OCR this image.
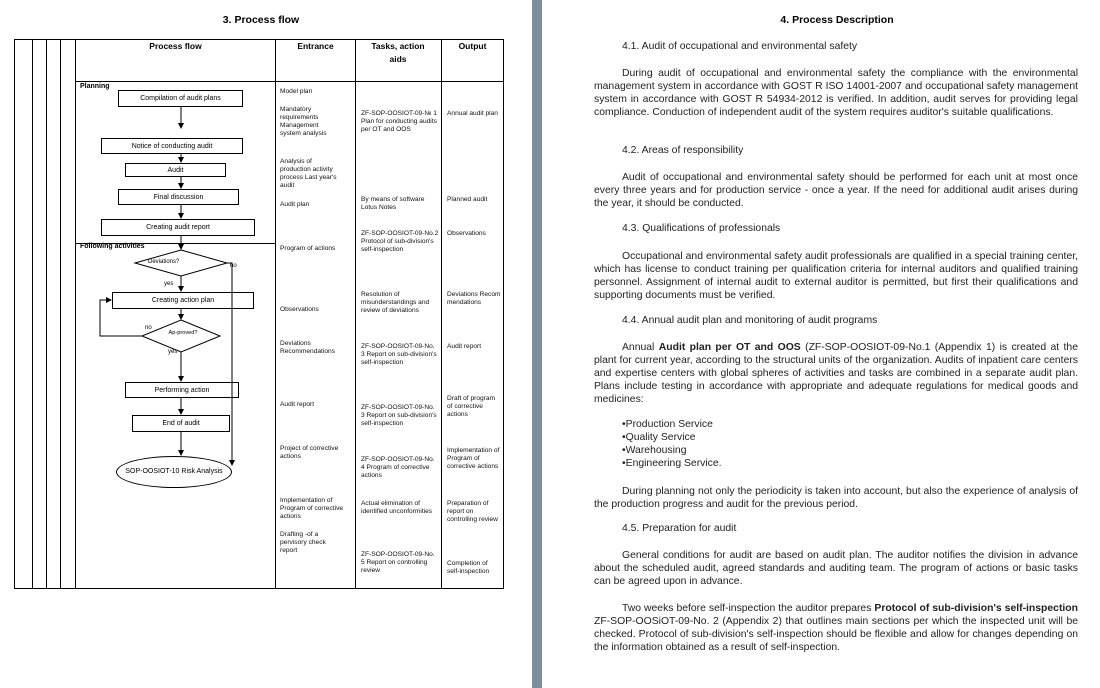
3. Process flow
Process flow	Entrance	Tasks, action aids
Output
Planning
Following activities
Compilation of audit plans
Notice of conducting audit
Audit
Final discussion
Creating audit report
Creating action plan
Performing action
End of audit
SOP-OOSIOT-10 Risk Analysis
Deviations?
Ap-proved?
no
yes
no
yes
Model plan
Mandatory requirements Management system analysis
Analysis of production activity process Last year's audit
Audit plan
Program of actions
Observations
Deviations Recommendations
Audit report
Project of corrective actions
Implementation of Program of corrective actions
Drafting -of a pervisory check report
ZF-SOP-OOSIOT-09-№ 1 Plan for conducting audits per OT and OOS
By means of software Lotus Notes
ZF-SOP-OOSIOT-09-No.2 Protocol of sub-division's self-inspection
Resolution of misunderstandings and review of deviations
ZF-SOP-OOSIOT-09-No. 3 Report on sub-division's self-inspection
ZF-SOP-OOSIOT-09-No. 3 Report on sub-division's self-inspection
ZF-SOP-OOSIOT-09-No. 4 Program of corrective actions
Actual elimination of identified unconformities
ZF-SOP-OOSIOT-09-No. 5 Report on controlling review
Annual audit plan
Planned audit
Observations
Deviations Recommendations
Audit report
Draft of program of corrective actions
Implementation of Program of corrective actions
Preparation of report on controlling review
Completion of self-inspection
4. Process Description
4.1. Audit of occupational and environmental safety
During audit of occupational and environmental safety the compliance with the environmental management system in accordance with GOST R ISO 14001-2007 and occupational safety management system in accordance with GOST R 54934-2012 is verified. In addition, audit serves for providing legal compliance. Conduction of independent audit of the system requires auditor's suitable qualifications.
4.2. Areas of responsibility
Audit of occupational and environmental safety should be performed for each unit at most once every three years and for production service - once a year. If the need for additional audit arises during the year, it should be conducted.
4.3. Qualifications of professionals
Occupational and environmental safety audit professionals are qualified in a special training center, which has license to conduct training per qualification criteria for internal auditors and qualified training personnel. Assignment of internal audit to external auditor is permitted, but first their qualifications and supporting documents must be verified.
4.4. Annual audit plan and monitoring of audit programs
Annual Audit plan per OT and OOS (ZF-SOP-OOSIOT-09-No.1 (Appendix 1) is created at the plant for current year, according to the structural units of the organization. Audits of inpatient care centers and expertise centers with global spheres of activities and tasks are combined in a separate audit plan. Plans include testing in accordance with appropriate and adequate regulations for medical goods and medicines:
• Production Service
• Quality Service
• Warehousing
• Engineering Service.
During planning not only the periodicity is taken into account, but also the experience of analysis of the production progress and audit for the previous period.
4.5. Preparation for audit
General conditions for audit are based on audit plan. The auditor notifies the division in advance about the scheduled audit, agreed standards and auditing team. The program of actions or basic tasks can be agreed upon in advance.
Two weeks before self-inspection the auditor prepares Protocol of sub-division's self-inspection ZF-SOP-OOSiOT-09-No. 2 (Appendix 2) that outlines main sections per which the inspected unit will be checked. Protocol of sub-division's self-inspection should be flexible and allow for changes depending on the information obtained as a result of self-inspection.
